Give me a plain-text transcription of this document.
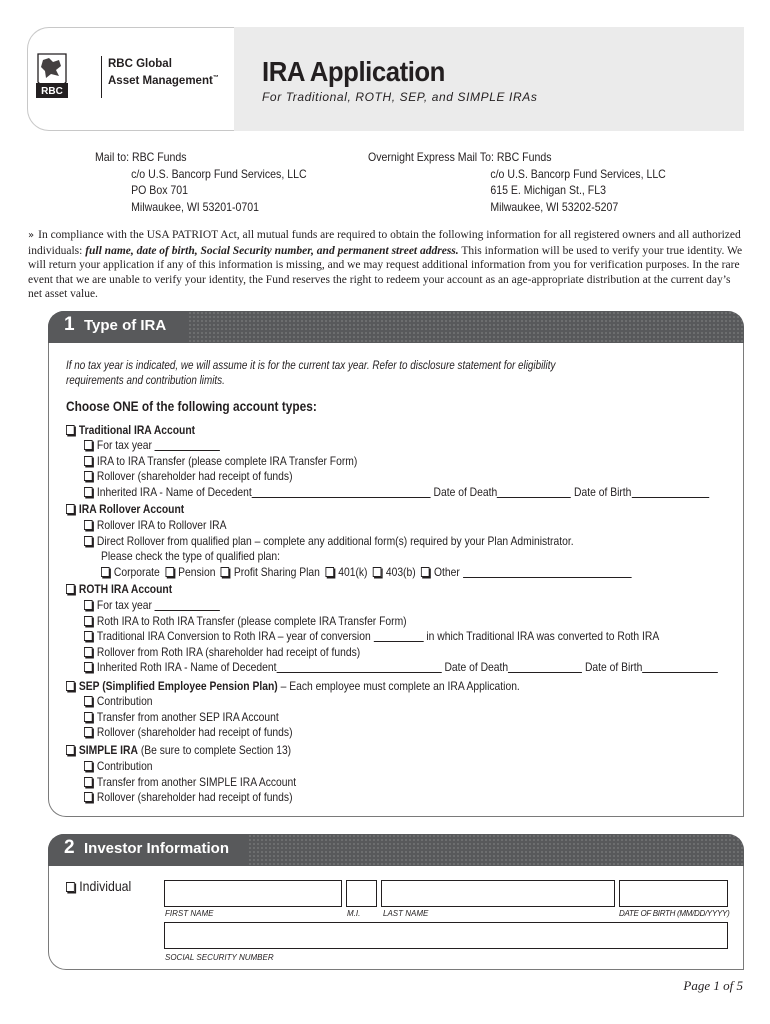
RBC
RBC Global
Asset Management™ IRA Application
For Traditional, ROTH, SEP, and SIMPLE IRAs
Mail to: RBC Funds
c/o U.S. Bancorp Fund Services, LLC
PO Box 701
Milwaukee, WI 53201-0701
Overnight Express Mail To: RBC Funds
c/o U.S. Bancorp Fund Services, LLC
615 E. Michigan St., FL3
Milwaukee, WI 53202-5207
» In compliance with the USA PATRIOT Act, all mutual funds are required to obtain the following information for all registered owners and all authorized individuals: full name, date of birth, Social Security number, and permanent street address. This information will be used to verify your true identity. We will return your application if any of this information is missing, and we may request additional information from you for verification purposes. In the rare event that we are unable to verify your identity, the Fund reserves the right to redeem your account as an age-appropriate distribution at the current day’s net asset value.
1 Type of IRA
If no tax year is indicated, we will assume it is for the current tax year. Refer to disclosure statement for eligibility requirements and contribution limits.
Choose ONE of the following account types:
Traditional IRA Account
For tax year
IRA to IRA Transfer (please complete IRA Transfer Form)
Rollover (shareholder had receipt of funds)
Inherited IRA - Name of Decedent	Date of Death	Date of Birth
IRA Rollover Account
Rollover IRA to Rollover IRA
Direct Rollover from qualified plan – complete any additional form(s) required by your Plan Administrator.
Please check the type of qualified plan:
Corporate Pension Profit Sharing Plan 401(k) 403(b) Other
ROTH IRA Account
For tax year
Roth IRA to Roth IRA Transfer (please complete IRA Transfer Form)
Traditional IRA Conversion to Roth IRA – year of conversion	in which Traditional IRA was converted to Roth IRA
Rollover from Roth IRA (shareholder had receipt of funds)
Inherited Roth IRA - Name of Decedent	Date of Death	Date of Birth
SEP (Simplified Employee Pension Plan) – Each employee must complete an IRA Application.
Contribution
Transfer from another SEP IRA Account
Rollover (shareholder had receipt of funds)
SIMPLE IRA (Be sure to complete Section 13)
Contribution
Transfer from another SIMPLE IRA Account
Rollover (shareholder had receipt of funds)
2 Investor Information
Individual
FIRST NAME	M.I.	LAST NAME	DATE OF BIRTH (MM/DD/YYYY)
SOCIAL SECURITY NUMBER
Page 1 of 5
